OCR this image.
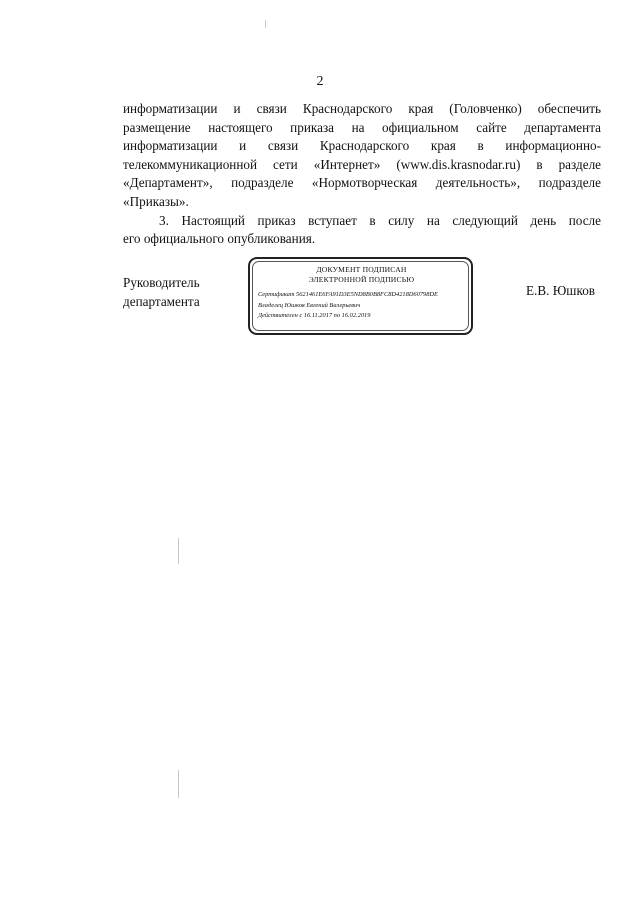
2

информатизации и связи Краснодарского края (Головченко) обеспечить

размещение настоящего приказа на официальном сайте департамента

информатизации и связи Краснодарского края в информационно-

телекоммуникационной сети «Интернет» (www.dis.krasnodar.ru) в разделе

«Департамент», подразделе «Нормотворческая деятельность», подразделе

«Приказы».

3. Настоящий приказ вступает в силу на следующий день после

его официального опубликования.

Руководитель
департамента
ДОКУМЕНТ ПОДПИСАН
ЭЛЕКТРОННОЙ ПОДПИСЬЮ
Сертификат 5621461E6FA91D3E5ND8B0B8FC8D4218D60798DE
Владелец Юшков Евгений Валерьевич
Действителен с 16.11.2017 по 16.02.2019
Е.В. Юшков
